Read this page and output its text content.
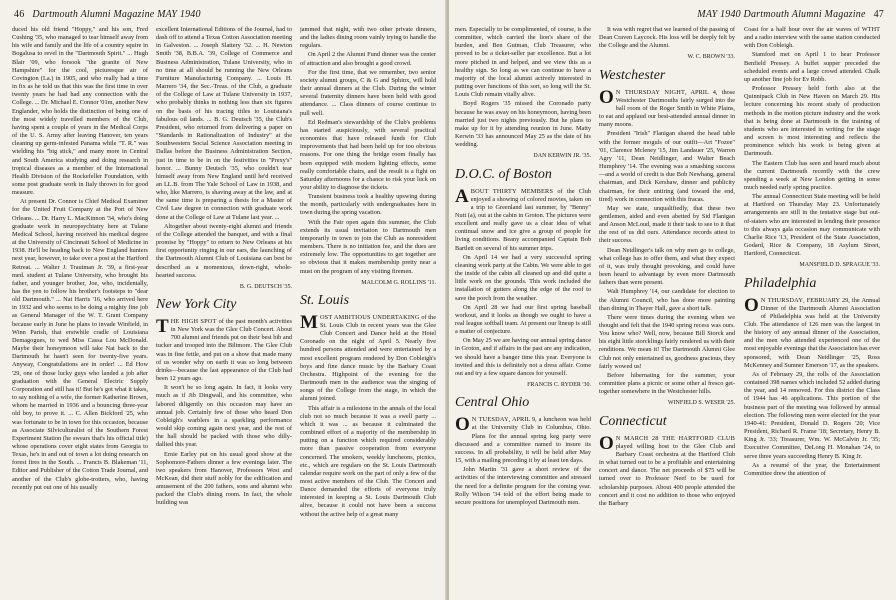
46 Dartmouth Alumni Magazine MAY 1940

duced his old friend "Hoppy," and his son, Fred Cushing '35, who managed to tear himself away from his wife and family and the life of a country squire in Bogalusa to revel in the "Dartmouth Spirit." ... Hugh Blair '09, who forsook "the granite of New Hampshire" for the cool, picturesque air of Covington (La.) in 1905, and who really had a time in fix as he told us that this was the first time in over twenty years he had had any connection with the College. ... Dr. Michael E. Connor '01m, another New Englander, who holds the distinction of being one of the most widely travelled members of the Club, having spent a couple of years in the Medical Corps of the U. S. Army after leaving Hanover, ten years cleaning up germ-infested Panama while "T. R." was wielding his "big stick," and many more in Central and South America studying and doing research in tropical diseases as a member of the International Health Division of the Rockefeller Foundation, with some post graduate work in Italy thrown in for good measure.

At present Dr. Connor is Chief Medical Examiner for the United Fruit Company at the Port of New Orleans. ... Dr. Harry L. MacKinnon '34, who's doing graduate work in neuropsychiatry here at Tulane Medical School, having received his medical degree at the University of Cincinnati School of Medicine in 1938. He'll be heading back to New England hunters next year, however, to take over a post at the Hartford Retreat. ... Walter J. Trautman Jr. '39, a first-year med. student at Tulane University, who brought his father, and younger brother, Joe, who, incidentally, has the yen to follow his brother's footsteps to "dear old Dartmouth." ... Nat Harris '16, who arrived here in 1932 and who seems to be doing a mighty fine job as General Manager of the W. T. Grant Company because early in June he plans to invade Winfield, in Winn Parish, that erstwhile cradle of Louisiana Demagogues, to wed Miss Cassa Lou McDonald. Maybe their honeymoon will take Nat back to the Dartmouth he hasn't seen for twenty-five years. Anyway, Congratulations are in order! ... Ed How '29, one of those lucky guys who landed a job after graduation with the General Electric Supply Corporation and still has it! But he's got what it takes, to say nothing of a wife, the former Katherine Brown, whom he married in 1936 and a bouncing three-year old boy, to prove it. ... C. Allen Bickford '25, who was fortunate to be in town for this occasion, because as Associate Silviculturalist of the Southern Forest Experiment Station (he swears that's his official title) whose operations cover eight states from Georgia to Texas, he's in and out of town a lot doing research on forest fires in the South. ... Francis B. Blakeman '11, Editor and Publisher of the Cotton Trade Journal, and another of the Club's globe-trotters, who, having recently put out one of his usually

excellent International Editions of the Journal, had to dash off to attend a Texas Cotton Association meeting in Galveston. ... Joseph Slattery '32. ... H. Newton Smith '38, B.B.A. '39, College of Commerce and Business Administration, Tulane University, who in no time at all should be running the New Orleans Furniture Manufacturing Company. ... Louis H. Marrero '34, the Sec.-Treas. of the Club, a graduate of the College of Law at Tulane University in 1937, who probably thinks in nothing less than six figures on the basis of his tracing titles to Louisiana's fabulous oil lands. ... B. G. Deutsch '35, the Club's President, who returned from delivering a paper on "Standards in Rationalization of Industry" at the Southwestern Social Science Association meeting in Dallas before the Business Administration Section, just in time to be in on the festivities in "Prexy's" honor. ... Bunny Deutsch '35, who couldn't tear himself away from New England until he'd received an LL.B. from The Yale School of Law in 1938, and who, like Marrero, is shaving away at the law, and at the same time is preparing a thesis for a Master of Civil Law degree in connection with graduate work done at the College of Law at Tulane last year. ...

Altogether about twenty-eight alumni and friends of the College attended the banquet, and with a final promise by "Hoppy" to return to New Orleans at his first opportunity ringing in our ears, the launching of the Dartmouth Alumni Club of Louisiana can best be described as a momentous, down-right, whole-hearted success.

B. G. DEUTSCH '35.

New York City

THE HIGH SPOT of the past month's activities in New York was the Glee Club Concert. About 700 alumni and friends put on their best bib and tucker and trooped into the Biltmore. The Glee Club was in fine fettle, and put on a show that made many of us wonder why on earth it was so long between drinks—because the last appearance of the Club had been 12 years ago.

It won't be so long again. In fact, it looks very much as if Jib Dingwall, and his committee, who labored diligently on this occasion may have an annual job. Certainly few of those who heard Don Cobleigh's warblers in a sparkling performance would skip coming again next year, and the rest of the hall should be packed with those who dilly-dallied this year.

Ernie Earley put on his usual good show at the Sophomore-Fathers dinner a few evenings later. The two speakers from Hanover, Professors West and McKean, did their stuff nobly for the edification and amusement of the 200 fathers, sons and alumni who packed the Club's dining room. In fact, the whole building was

jammed that night, with two other private dinners, and the ladies dining room vainly trying to handle the regulars.

On April 2 the Alumni Fund dinner was the center of attraction and also brought a good crowd.

For the first time, that we remember, two senior society alumni groups, C & G and Sphinx, will hold their annual dinners at the Club. During the winter several fraternity dinners have been held with good attendance. ... Class dinners of course continue to pull well.

Ed Redman's stewardship of the Club's problems has started auspiciously, with several practical economies that have released funds for Club improvements that had been held up for too obvious reasons. For one thing the bridge room finally has been equipped with modern lighting effects, some really comfortable chairs, and the result is a fight on Saturday afternoons for a chance to risk your luck on your ability to diagnose the tickets.

Transient business took a healthy upswing during the month, particularly with undergraduates here in town during the spring vacation.

With the Fair open again this summer, the Club extends its usual invitation to Dartmouth men temporarily in town to join the Club as nonresident members. There is no initiation fee, and the dues are extremely low. The opportunities to get together are so obvious that it makes membership pretty near a must on the program of any visiting firemen.

MALCOLM G. ROLLINS '11.

St. Louis

MOST AMBITIOUS UNDERTAKING of the St. Louis Club in recent years was the Glee Club Concert and Dance held at the Hotel Coronado on the night of April 5. Nearly five hundred persons attended and were entertained by a most excellent program rendered by Don Cobleigh's boys and fine dance music by the Barbary Coast Orchestra. Highpoint of the evening for the Dartmouth men in the audience was the singing of songs of the College from the stage, in which the alumni joined.

This affair is a milestone in the annals of the local club not so much because it was a swell party ... which it was ... as because it culminated the combined effort of a majority of the membership in putting on a function which required considerably more than passive cooperation from everyone concerned. The smokers, weekly luncheons, picnics, etc., which are regulars on the St. Louis Dartmouth calendar require work on the part of only a few of the most active members of the Club. The Concert and Dance demanded the efforts of everyone truly interested in keeping a St. Louis Dartmouth Club alive, because it could not have been a success without the active help of a great many

MAY 1940 Dartmouth Alumni Magazine 47

men. Especially to be complimented, of course, is the committee, which carried the lion's share of the burden, and Ben Gutman, Club Treasurer, who proved to be a ticket-seller par excellence. But a lot more pitched in and helped, and we view this as a healthy sign. So long as we can continue to have a majority of the local alumni actively interested in putting over functions of this sort, so long will the St. Louis Club remain vitally alive.

Boyd Rogers '35 missed the Coronado party because he was away on his honeymoon, having been married just two nights previously. But he plans to make up for it by attending reunion in June. Matty Kerwin '33 has announced May 25 as the date of his wedding.

DAN KERWIN JR. '35.

D.O.C. of Boston

ABOUT THIRTY MEMBERS of the Club enjoyed a showing of colored movies, taken on a trip to Greenland last summer, by "Benny" Nutt (a), out at the cabin in Groton. The pictures were excellent and really gave us a clear idea of what continual snow and ice give a group of people for living conditions. Beany accompanied Captain Bob Bartlett on several of his summer trips.

On April 14 we had a very successful spring cleaning work party at the Cabin. We were able to get the inside of the cabin all cleaned up and did quite a little work on the grounds. This work included the installation of gutters along the edge of the roof to save the porch from the weather.

On April 28 we had our first spring baseball workout, and it looks as though we ought to have a real league softball team. At present our lineup is still a matter of conjecture.

On May 25 we are having our annual spring dance in Groton, and if affairs in the past are any indication, we should have a banger time this year. Everyone is invited and this is definitely not a dress affair. Come out and try a few square dances for yourself.

FRANCIS C. RYDER '30.

Central Ohio

O N TUESDAY, APRIL 9, a luncheon was held at the University Club in Columbus, Ohio. Plans for the annual spring keg party were discussed and a committee named to insure its success. In all probability, it will be held after May 15, with a mailing preceding it by at least ten days.

John Martin '31 gave a short review of the activities of the interviewing committee and stressed the need for a definite program for the coming year. Rolly Wilson '34 told of the effort being made to secure positions for unemployed Dartmouth men.

It was with regret that we learned of the passing of Dean Craven Laycock. His loss will be deeply felt by the College and the Alumni.

W. C. BROWN '33.

Westchester

O N THURSDAY NIGHT, APRIL 4, those Westchester Dartmouths fairly surged into the ball room of the Roger Smith in White Plains, to eat and applaud our best-attended annual dinner in many moons.

President "Irish" Flanigan shared the head table with the former moguls of our outfit—Art "Fozee" '01, Clarence Mcleney '15, Jim Landauer '25, Warren Agry '11, Dean Neidlinger, and Walter Beach Humphrey '14. The evening was a smashing success—and a world of credit is due Bob Newhang, general chairman, and Dick Kershaw, dinner and publicity chairman, for their untiring (and toward the end, tired) work in connection with this fracas.

May we state, unqualifiedly, that these two gentlemen, aided and even abetted by Sid Flanigan and Anson McLoud, made it their task to see to it that the rest of us did ours. Attendance records attest to their success.

Dean Neidlinger's talk on why men go to college, what college has to offer them, and what they expect of it, was truly thought provoking, and could have been heard to advantage by even more Dartmouth fathers than were present.

Walt Humphrey '14, our candidate for election to the Alumni Council, who has done more painting than dining in Thayer Hall, gave a short talk.

There were times during the evening when we thought and felt that the 1940 spring recess was ours. You know who? Well, now, because Bill Storck and his eight little storcklings fairly rendered us with their renditions. We mean it! The Dartmouth Alumni Glee Club not only entertained us, goodness gracious, they fairly wowed us!

Before hibernating for the summer, your committee plans a picnic or some other al fresco get-together somewhere in the Westchester hills.

WINFIELD S. WESER '25.

Connecticut

O N MARCH 28 THE HARTFORD CLUB played willing host to the Glee Club and Barbary Coast orchestra at the Hartford Club in what turned out to be a profitable and entertaining concert and dance. The net proceeds of $75 will be turned over to Professor Neef to be used for scholarship purposes. About 400 people attended the concert and it cost no addition to those who enjoyed the Barbary

Coast for a half hour over the air waves of WTHT and a radio interview with the same station conducted with Don Cobleigh.

Stamford met on April 1 to hear Professor Benfield Pressey. A buffet supper preceded the scheduled events and a large crowd attended. Chalk up another fine job for Ev Robb.

Professor Pressey held forth also at the Quinnipack Club in New Haven on March 29. His lecture concerning his recent study of production methods in the motion picture industry and the work that is being done at Dartmouth in the training of students who are interested in writing for the stage and screen is most interesting and reflects the prominence which his work is being given at Dartmouth.

The Eastern Club has seen and heard much about the current Dartmouth recently with the crew spending a week at New London getting in some much needed early spring practice.

The annual Connecticut State meeting will be held at Hartford on Thursday May 23. Unfortunately arrangements are still in the tentative stage but out-of-staters who are interested in lending their presence to this always gala occasion may communicate with Charlie Rice '13, President of the State Association, Godard, Rice & Company, 18 Asylum Street, Hartford, Connecticut.

MANSFIELD D. SPRAGUE '33.

Philadelphia

O N THURSDAY, FEBRUARY 29, the Annual Dinner of the Dartmouth Alumni Association of Philadelphia was held at the University Club. The attendance of 126 men was the largest in the history of any annual dinner of the Association, and the men who attended experienced one of the most enjoyable evenings that the Association has ever sponsored, with Dean Neidlinger '25, Ross McKenney and Sumner Emerson '17, as the speakers.

As of February 29, the rolls of the Association contained 398 names which included 52 added during the year, and 14 removed. For this district the Class of 1944 has 46 applications. This portion of the business part of the meeting was followed by annual election. The following men were elected for the year 1940-41: President, Donald D. Rogers '20; Vice President, Richard R. Frame '18; Secretary, Henry B. King Jr. '33; Treasurer, Wm. W. McCalvin Jr. '35; Executive Committee, DeLong H. Monahan '24, to serve three years succeeding Henry B. King Jr.

As a resumé of the year, the Entertainment Committee drew the attention of
